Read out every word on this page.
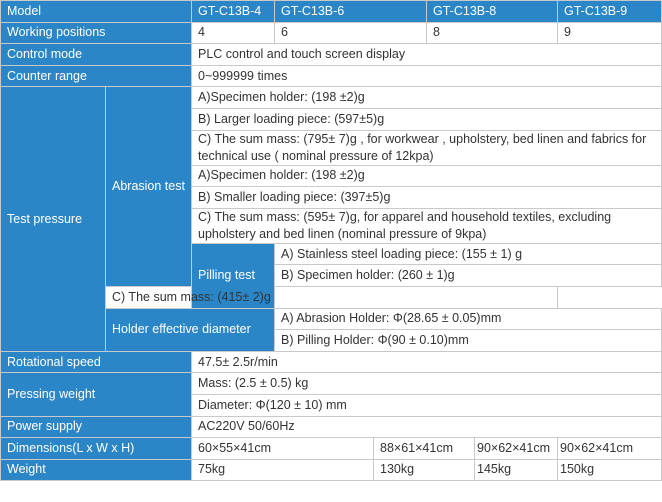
Model		GT-C13B-4	GT-C13B-6		GT-C13B-8		GT-C13B-9
Working positions		4	6		8		9
Control mode		PLC control and touch screen display					
Counter range		0~999999 times					
Test pressure	Abrasion test	A)Specimen holder: (198 ±2)g					
		B) Larger loading piece: (597±5)g					
		C) The sum mass: (795± 7)g , for workwear , upholstery, bed linen and fabrics for technical use ( nominal pressure of 12kpa)					

		A)Specimen holder: (198 ±2)g					
		B) Smaller loading piece: (397±5)g					
		C) The sum mass: (595± 7)g, for apparel and household textiles, excluding upholstery and bed linen (nominal pressure of 9kpa)					

		Pilling test	A) Stainless steel loading piece: (155 ± 1) g				
			B) Specimen holder: (260 ± 1)g				
	C) The sum mass: (415± 2)g						
	Holder effective diameter		A) Abrasion Holder: Φ(28.65 ± 0.05)mm				
			B) Pilling Holder: Φ(90 ± 0.10)mm				
Rotational speed		47.5± 2.5r/min					
Pressing weight		Mass: (2.5 ± 0.5) kg					
		Diameter: Φ(120 ± 10) mm					
Power supply		AC220V 50/60Hz					
Dimensions(L x W x H)		60×55×41cm		88×61×41cm		90×62×41cm	90×62×41cm
Weight		75kg		130kg		145kg	150kg
